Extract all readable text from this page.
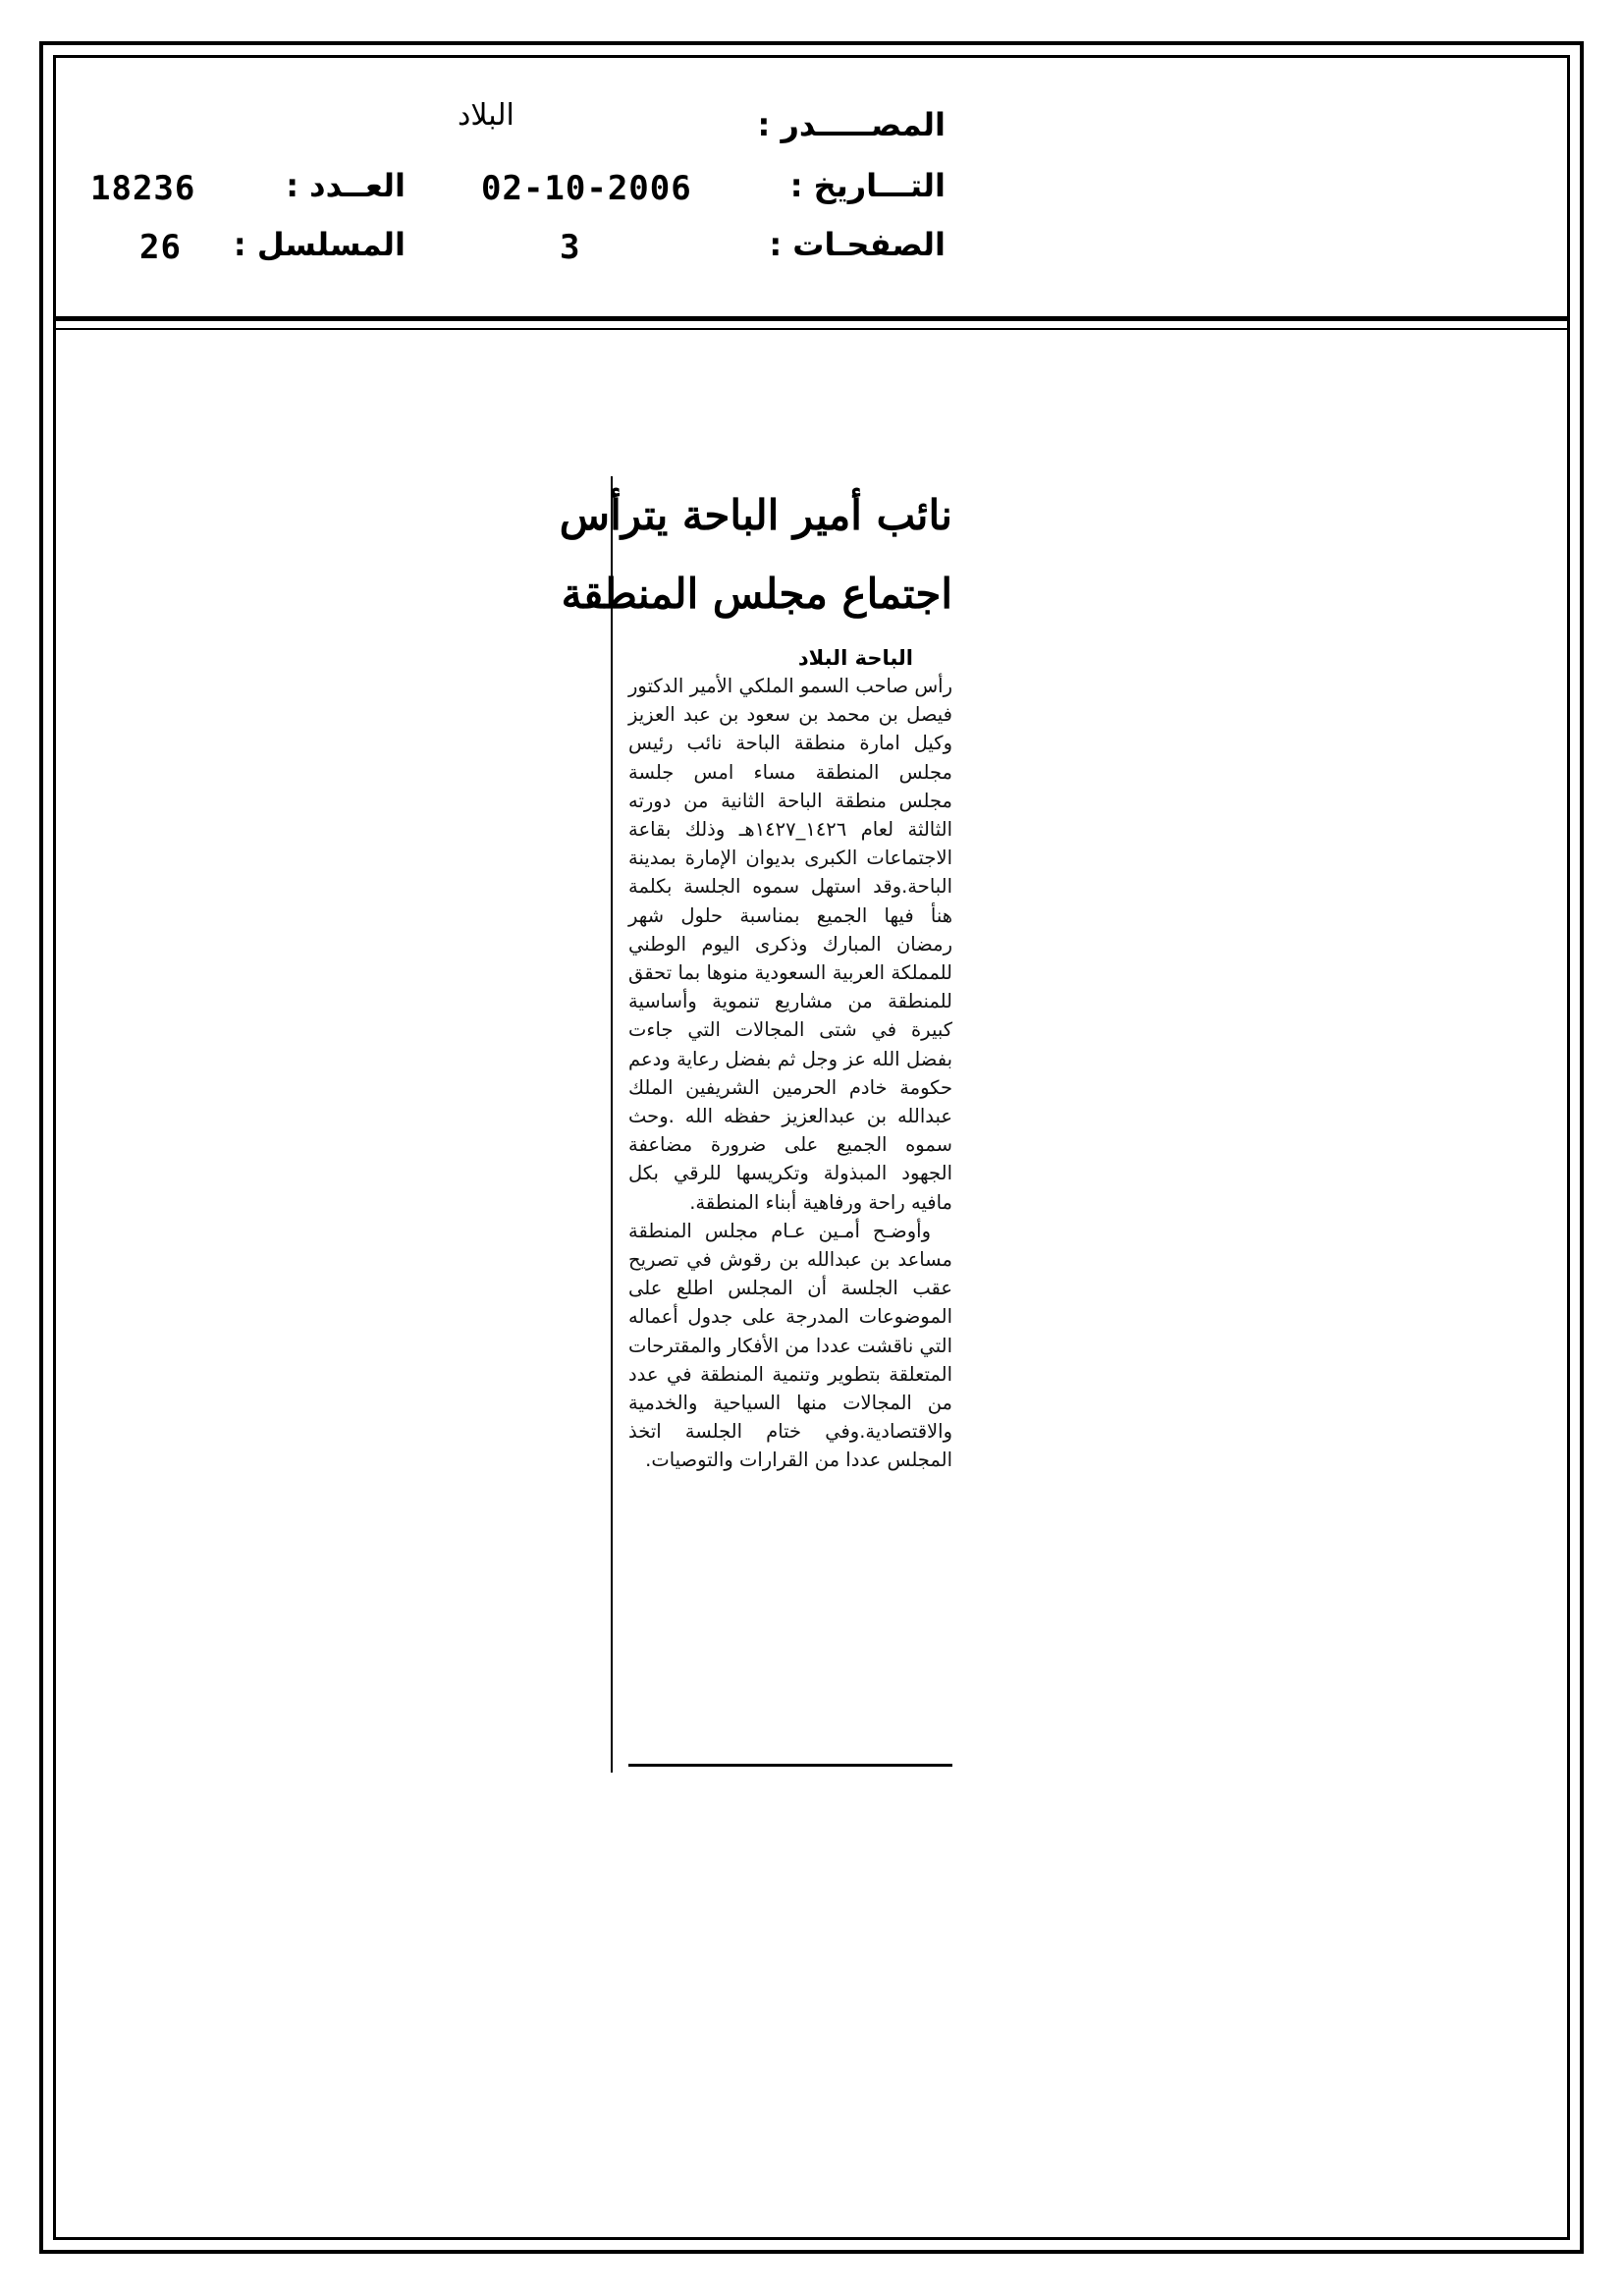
المصـــــدر :
البلاد
التـــاريخ :
02-10-2006
العــدد :
18236
الصفحـات :
3
المسلسل :
26
نائب أمير الباحة يترأس
اجتماع مجلس المنطقة
الباحة البلاد

رأس صاحب السمو الملكي الأمير الدكتور فيصل بن محمد بن سعود بن عبد العزيز وكيل امارة منطقة الباحة نائب رئيس مجلس المنطقة مساء امس جلسة مجلس منطقة الباحة الثانية من دورته الثالثة لعام ١٤٢٦_١٤٢٧هـ وذلك بقاعة الاجتماعات الكبرى بديوان الإمارة بمدينة الباحة.وقد استهل سموه الجلسة بكلمة هنأ فيها الجميع بمناسبة حلول شهر رمضان المبارك وذكرى اليوم الوطني للمملكة العربية السعودية منوها بما تحقق للمنطقة من مشاريع تنموية وأساسية كبيرة في شتى المجالات التي جاءت بفضل الله عز وجل ثم بفضل رعاية ودعم حكومة خادم الحرمين الشريفين الملك عبدالله بن عبدالعزيز حفظه الله .وحث سموه الجميع على ضرورة مضاعفة الجهود المبذولة وتكريسها للرقي بكل مافيه راحة ورفاهية أبناء المنطقة.

وأوضـح أمـين عـام مجلس المنطقة مساعد بن عبدالله بن رقوش في تصريح عقب الجلسة أن المجلس اطلع على الموضوعات المدرجة على جدول أعماله التي ناقشت عددا من الأفكار والمقترحات المتعلقة بتطوير وتنمية المنطقة في عدد من المجالات منها السياحية والخدمية والاقتصادية.وفي ختام الجلسة اتخذ المجلس عددا من القرارات والتوصيات.
